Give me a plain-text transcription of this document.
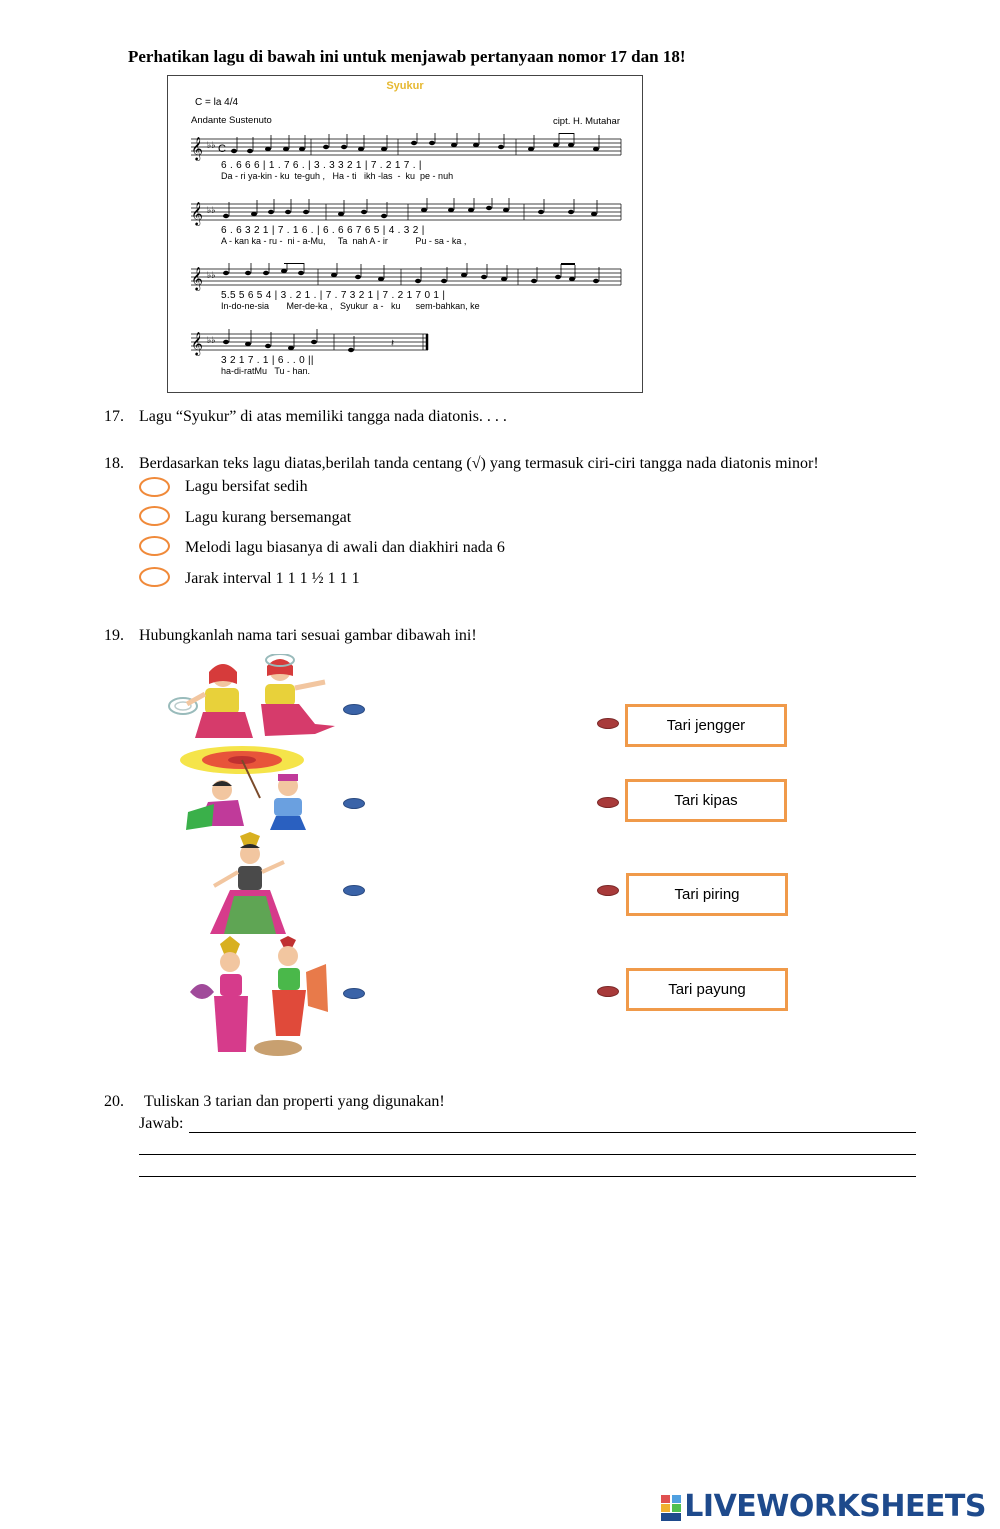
Perhatikan lagu di bawah ini untuk menjawab pertanyaan nomor 17 dan 18!
Syukur
C = la 4/4
Andante Sustenuto	cipt. H. Mutahar
𝄞 ♭♭ C
6 . 6 6 6 | 1 . 7 6 . | 3 . 3 3 2 1 | 7 . 2 1 7 . |
Da - ri ya-kin - ku  te-guh ,   Ha - ti   ikh -las  -  ku  pe - nuh
𝄞 ♭♭
6 . 6 3 2 1 | 7 . 1 6 . | 6 . 6 6 7 6 5 | 4 . 3 2 |
A - kan ka - ru -  ni - a-Mu,     Ta  nah A - ir           Pu - sa - ka ,
𝄞 ♭♭
5.5 5 6 5 4 | 3 . 2 1 . | 7 . 7 3 2 1 | 7 . 2 1 7 0 1 |
In-do-ne-sia       Mer-de-ka ,   Syukur  a -   ku      sem-bahkan, ke
𝄞 ♭♭	𝄽
3 2 1 7 . 1 | 6 . . 0 ||
ha-di-ratMu   Tu - han.
17. Lagu “Syukur” di atas memiliki tangga nada diatonis. . . .
18. Berdasarkan teks lagu diatas,berilah tanda centang (√) yang termasuk ciri-ciri tangga nada diatonis minor!
Lagu bersifat sedih
Lagu kurang bersemangat
Melodi lagu biasanya di awali dan diakhiri nada 6
Jarak interval 1 1 1 ½ 1 1 1
19. Hubungkanlah nama tari sesuai gambar dibawah ini!
Tari jengger
Tari kipas
Tari piring
Tari payung
20. Tuliskan 3 tarian dan properti yang digunakan!
Jawab:
LIVEWORKSHEETS
